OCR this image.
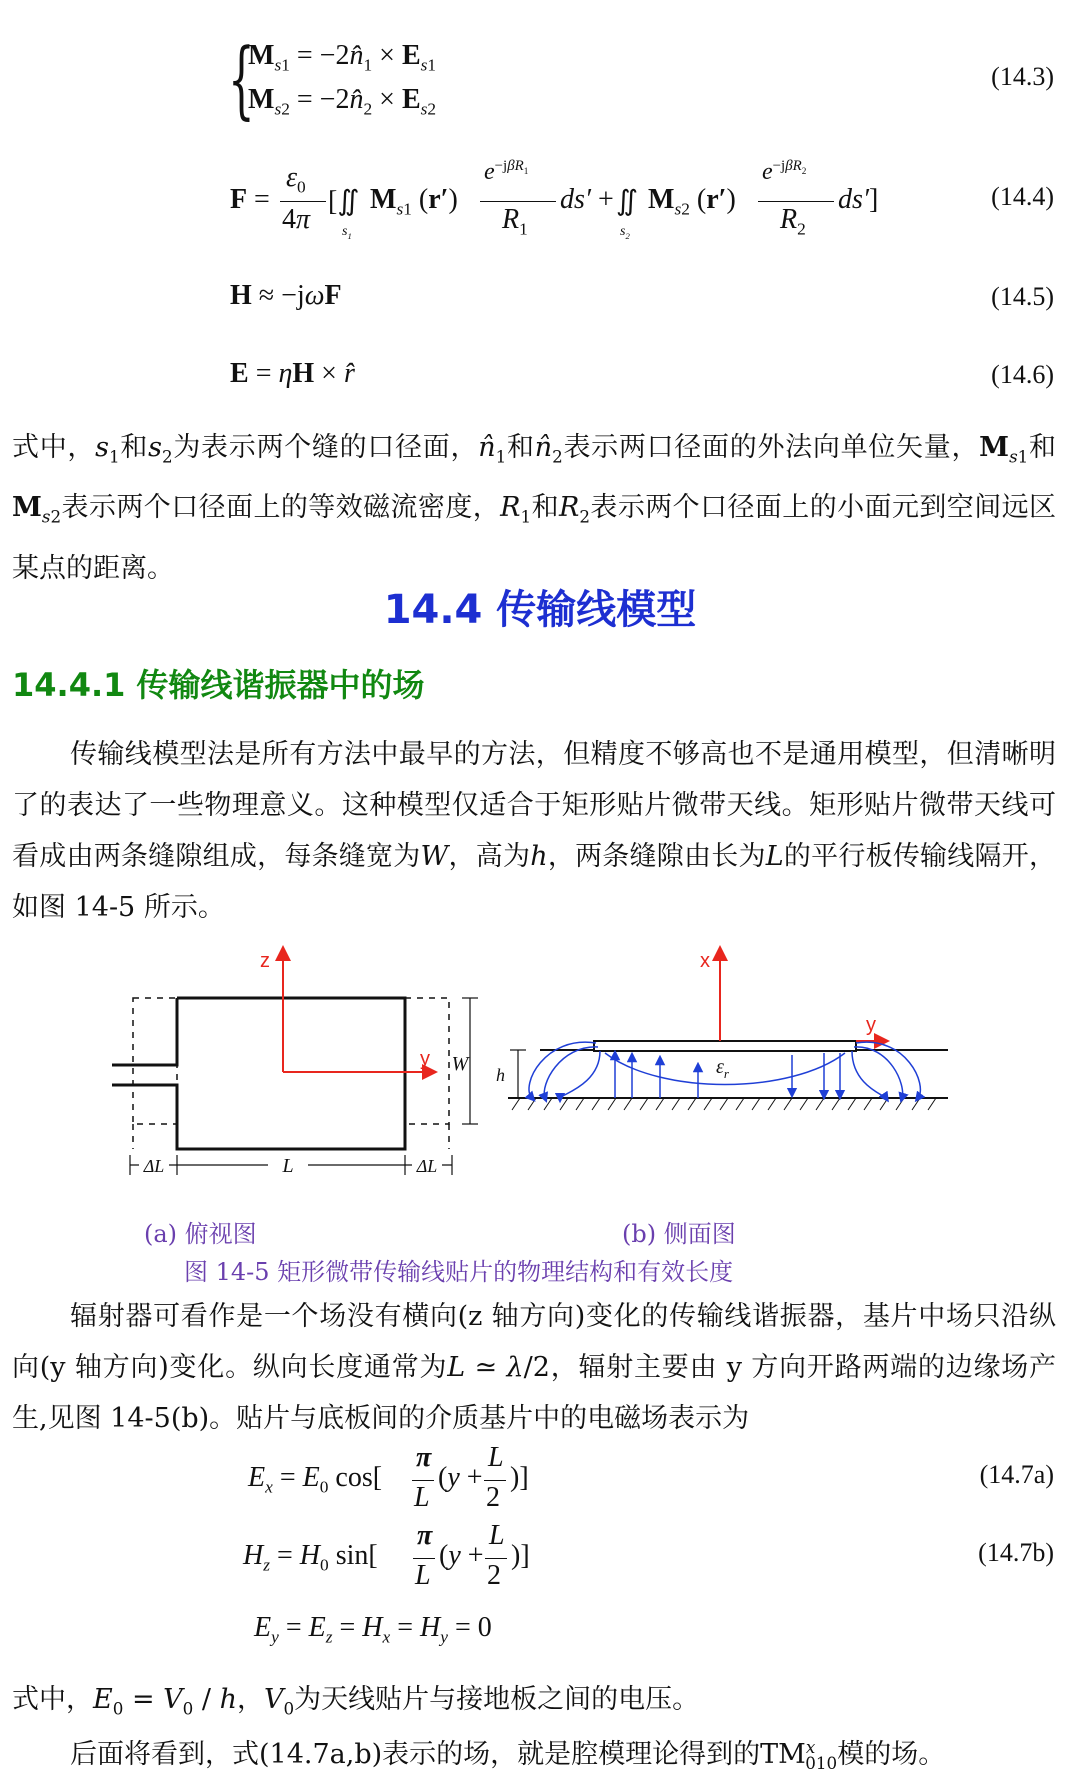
{
$M_{s1}$ = $-2n̂_1 \times E_{s1}$
$M_{s2}$ = $-2n̂_2 \times E_{s2}$
(14.3)
F =
$\varepsilon_0$
4π
[∬
$s_1$
$M_{s1}$ (r′)
$e^{-j\beta R_1}$
$R_1$
ds′ + ∬
$s_2$
$M_{s2}$ (r′)
$e^{-j\beta R_2}$
$R_2$
ds′]	(14.4)
H ≈ −jωF	(14.5)
E = ηH × r̂	(14.6)

式中，$s_1$和$s_2$为表示两个缝的口径面，$n̂_1$和$n̂_2$表示两口径面的外法向单位矢量，$M_{s1}$和$M_{s2}$表示两个口径面上的等效磁流密度，$R_1$和$R_2$表示两个口径面上的小面元到空间远区某点的距离。

14.4 传输线模型
14.4.1 传输线谐振器中的场

传输线模型法是所有方法中最早的方法，但精度不够高也不是通用模型，但清晰明了的表达了一些物理意义。这种模型仅适合于矩形贴片微带天线。矩形贴片微带天线可看成由两条缝隙组成，每条缝宽为W，高为h，两条缝隙由长为L的平行板传输线隔开，如图 14-5 所示。

z
y W
L
ΔL	ΔL
x
y
h	$\varepsilon_r$
(a) 俯视图	(b) 侧面图
图 14-5 矩形微带传输线贴片的物理结构和有效长度

辐射器可看作是一个场没有横向(z 轴方向)变化的传输线谐振器，基片中场只沿纵向(y 轴方向)变化。纵向长度通常为L ≃ λ/2，辐射主要由 y 方向开路两端的边缘场产生,见图 14-5(b)。贴片与底板间的介质基片中的电磁场表示为

$E_x = E_0$ cos[
π
L
(y +
L
2
)]	(14.7a)
$H_z = H_0$ sin[
π
L
(y +
L
2
)]	(14.7b)
$E_y = E_z = H_x = H_y = 0$

式中，$E_0 = V_0 / h$，$V_0$为天线贴片与接地板之间的电压。

后面将看到，式(14.7a,b)表示的场，就是腔模理论得到的$TM^x_{010}$模的场。
